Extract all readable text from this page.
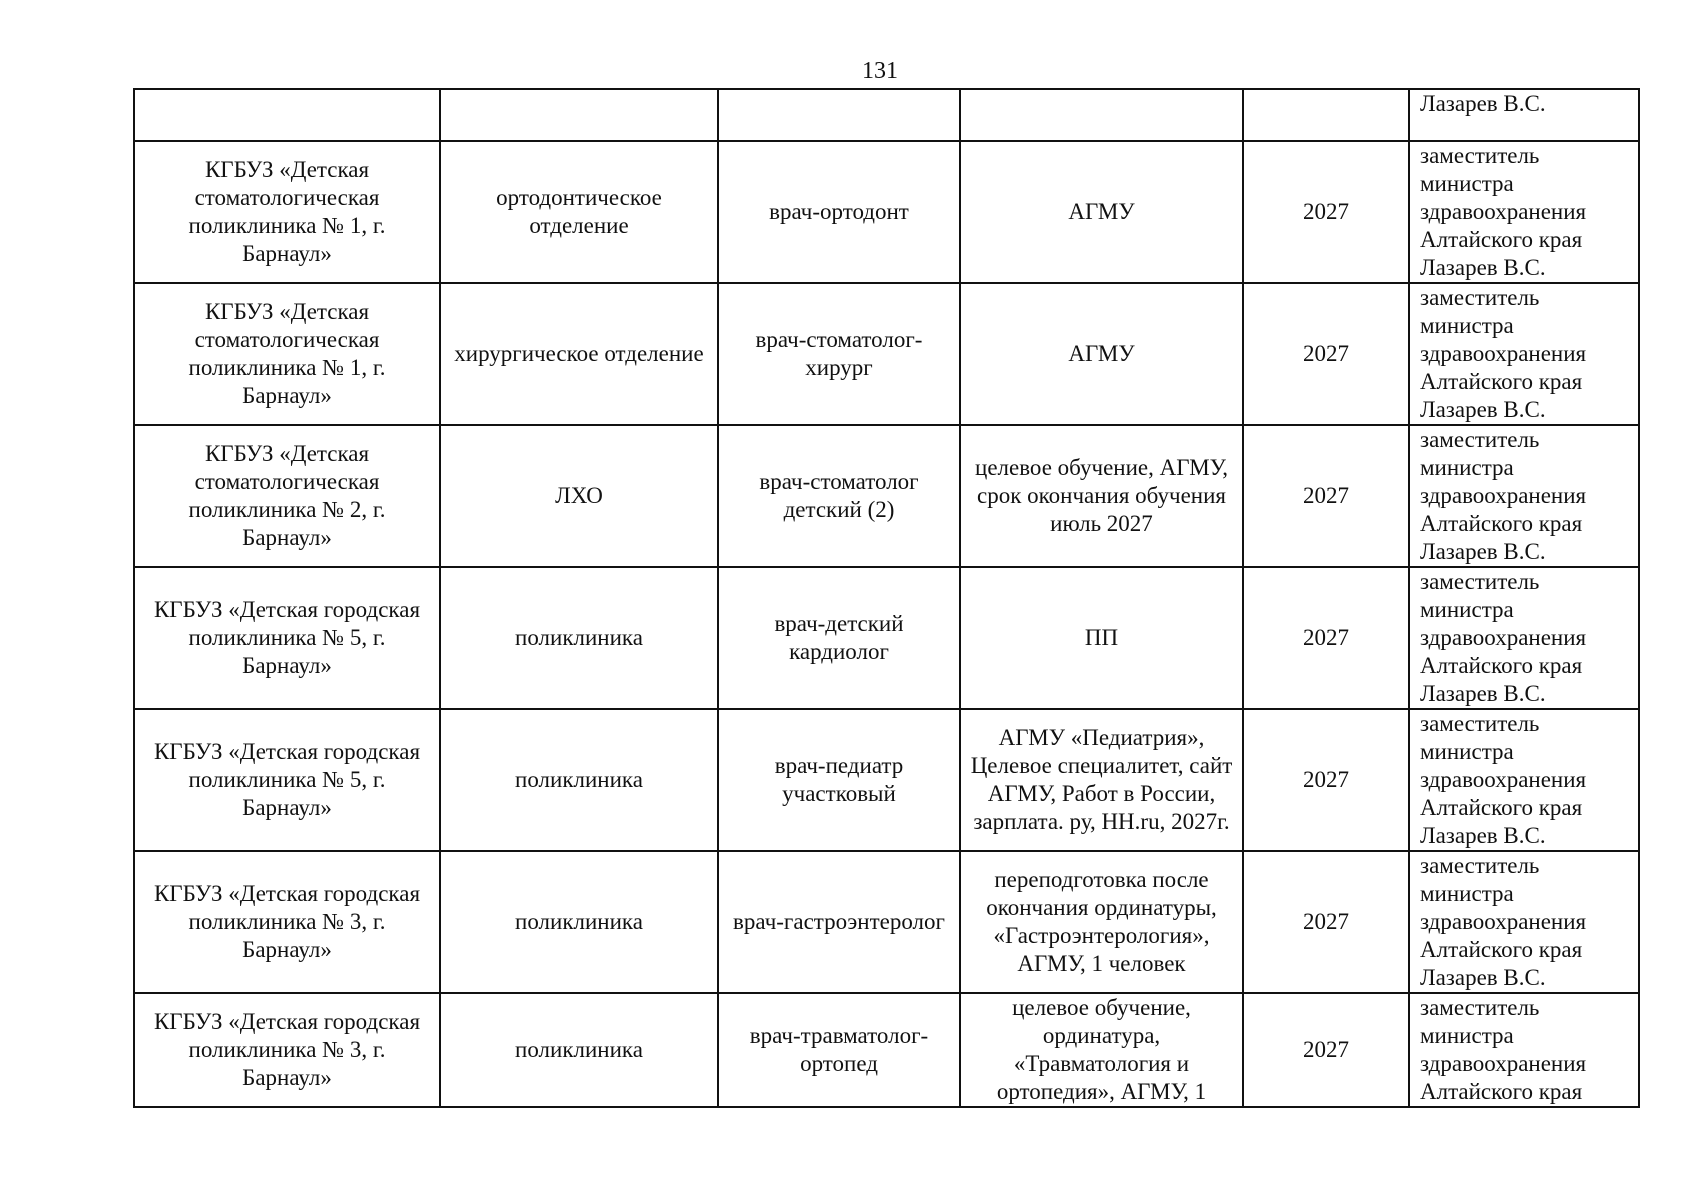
131
					Лазарев В.С.
КГБУЗ «Детская стоматологическая поликлиника № 1, г. Барнаул»	ортодонтическое отделение	врач-ортодонт	АГМУ	2027	заместитель министра здравоохранения Алтайского края Лазарев В.С.
КГБУЗ «Детская стоматологическая поликлиника № 1, г. Барнаул»	хирургическое отделение	врач-стоматолог-хирург	АГМУ	2027	заместитель министра здравоохранения Алтайского края Лазарев В.С.
КГБУЗ «Детская стоматологическая поликлиника № 2, г. Барнаул»	ЛХО	врач-стоматолог детский (2)	целевое обучение, АГМУ, срок окончания обучения июль 2027	2027	заместитель министра здравоохранения Алтайского края Лазарев В.С.
КГБУЗ «Детская городская поликлиника № 5, г. Барнаул»	поликлиника	врач-детский кардиолог	ПП	2027	заместитель министра здравоохранения Алтайского края Лазарев В.С.
КГБУЗ «Детская городская поликлиника № 5, г. Барнаул»	поликлиника	врач-педиатр участковый	АГМУ «Педиатрия», Целевое специалитет, сайт АГМУ, Работ в России, зарплата. ру, HH.ru, 2027г.	2027	заместитель министра здравоохранения Алтайского края Лазарев В.С.
КГБУЗ «Детская городская поликлиника № 3, г. Барнаул»	поликлиника	врач-гастроэнтеролог	переподготовка после окончания ординатуры, «Гастроэнтерология», АГМУ, 1 человек	2027	заместитель министра здравоохранения Алтайского края Лазарев В.С.
КГБУЗ «Детская городская поликлиника № 3, г. Барнаул»	поликлиника	врач-травматолог-ортопед	целевое обучение, ординатура, «Травматология и ортопедия», АГМУ, 1	2027	заместитель министра здравоохранения Алтайского края
